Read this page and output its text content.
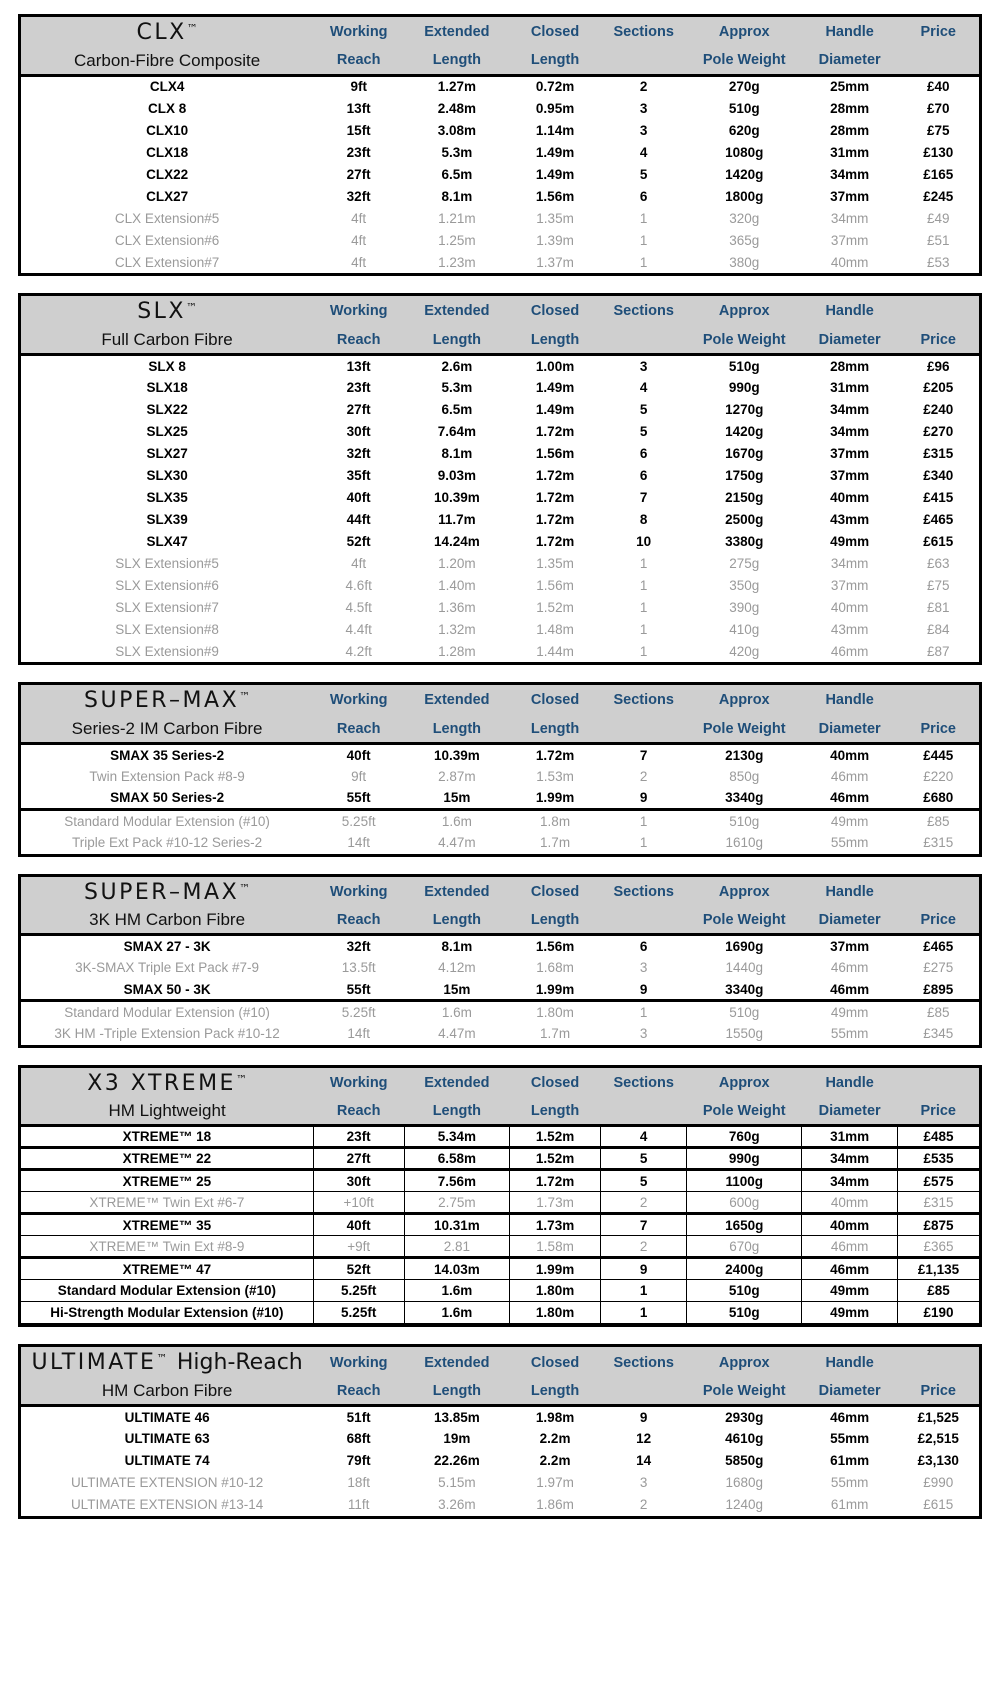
CLX™	Working	Extended	Closed	Sections	Approx	Handle	Price
Carbon-Fibre Composite	Reach	Length	Length		Pole Weight	Diameter	

CLX4	9ft	1.27m	0.72m	2	270g	25mm	£40
CLX 8	13ft	2.48m	0.95m	3	510g	28mm	£70
CLX10	15ft	3.08m	1.14m	3	620g	28mm	£75
CLX18	23ft	5.3m	1.49m	4	1080g	31mm	£130
CLX22	27ft	6.5m	1.49m	5	1420g	34mm	£165
CLX27	32ft	8.1m	1.56m	6	1800g	37mm	£245
CLX Extension#5	4ft	1.21m	1.35m	1	320g	34mm	£49
CLX Extension#6	4ft	1.25m	1.39m	1	365g	37mm	£51
CLX Extension#7	4ft	1.23m	1.37m	1	380g	40mm	£53
SLX™	Working	Extended	Closed	Sections	Approx	Handle	
Full Carbon Fibre	Reach	Length	Length		Pole Weight	Diameter	Price

SLX 8	13ft	2.6m	1.00m	3	510g	28mm	£96
SLX18	23ft	5.3m	1.49m	4	990g	31mm	£205
SLX22	27ft	6.5m	1.49m	5	1270g	34mm	£240
SLX25	30ft	7.64m	1.72m	5	1420g	34mm	£270
SLX27	32ft	8.1m	1.56m	6	1670g	37mm	£315
SLX30	35ft	9.03m	1.72m	6	1750g	37mm	£340
SLX35	40ft	10.39m	1.72m	7	2150g	40mm	£415
SLX39	44ft	11.7m	1.72m	8	2500g	43mm	£465
SLX47	52ft	14.24m	1.72m	10	3380g	49mm	£615
SLX Extension#5	4ft	1.20m	1.35m	1	275g	34mm	£63
SLX Extension#6	4.6ft	1.40m	1.56m	1	350g	37mm	£75
SLX Extension#7	4.5ft	1.36m	1.52m	1	390g	40mm	£81
SLX Extension#8	4.4ft	1.32m	1.48m	1	410g	43mm	£84
SLX Extension#9	4.2ft	1.28m	1.44m	1	420g	46mm	£87
SUPER–MAX™	Working	Extended	Closed	Sections	Approx	Handle	
Series-2 IM Carbon Fibre	Reach	Length	Length		Pole Weight	Diameter	Price

SMAX 35 Series-2	40ft	10.39m	1.72m	7	2130g	40mm	£445
Twin Extension Pack #8-9	9ft	2.87m	1.53m	2	850g	46mm	£220
SMAX 50 Series-2	55ft	15m	1.99m	9	3340g	46mm	£680
Standard Modular Extension (#10)	5.25ft	1.6m	1.8m	1	510g	49mm	£85
Triple Ext Pack #10-12 Series-2	14ft	4.47m	1.7m	1	1610g	55mm	£315
SUPER–MAX™	Working	Extended	Closed	Sections	Approx	Handle	
3K HM Carbon Fibre	Reach	Length	Length		Pole Weight	Diameter	Price

SMAX 27 - 3K	32ft	8.1m	1.56m	6	1690g	37mm	£465
3K-SMAX Triple Ext Pack #7-9	13.5ft	4.12m	1.68m	3	1440g	46mm	£275
SMAX 50 - 3K	55ft	15m	1.99m	9	3340g	46mm	£895
Standard Modular Extension (#10)	5.25ft	1.6m	1.80m	1	510g	49mm	£85
3K HM -Triple Extension Pack #10-12	14ft	4.47m	1.7m	3	1550g	55mm	£345
X3 XTREME™	Working	Extended	Closed	Sections	Approx	Handle	
HM Lightweight	Reach	Length	Length		Pole Weight	Diameter	Price

XTREME™ 18	23ft	5.34m	1.52m	4	760g	31mm	£485
XTREME™ 22	27ft	6.58m	1.52m	5	990g	34mm	£535
XTREME™ 25	30ft	7.56m	1.72m	5	1100g	34mm	£575
XTREME™ Twin Ext #6-7	+10ft	2.75m	1.73m	2	600g	40mm	£315
XTREME™ 35	40ft	10.31m	1.73m	7	1650g	40mm	£875
XTREME™ Twin Ext #8-9	+9ft	2.81	1.58m	2	670g	46mm	£365
XTREME™ 47	52ft	14.03m	1.99m	9	2400g	46mm	£1,135
Standard Modular Extension (#10)	5.25ft	1.6m	1.80m	1	510g	49mm	£85
Hi-Strength Modular Extension (#10)	5.25ft	1.6m	1.80m	1	510g	49mm	£190
ULTIMATE™ High-Reach	Working	Extended	Closed	Sections	Approx	Handle	
HM Carbon Fibre	Reach	Length	Length		Pole Weight	Diameter	Price

ULTIMATE 46	51ft	13.85m	1.98m	9	2930g	46mm	£1,525
ULTIMATE 63	68ft	19m	2.2m	12	4610g	55mm	£2,515
ULTIMATE 74	79ft	22.26m	2.2m	14	5850g	61mm	£3,130
ULTIMATE EXTENSION #10-12	18ft	5.15m	1.97m	3	1680g	55mm	£990
ULTIMATE EXTENSION #13-14	11ft	3.26m	1.86m	2	1240g	61mm	£615
